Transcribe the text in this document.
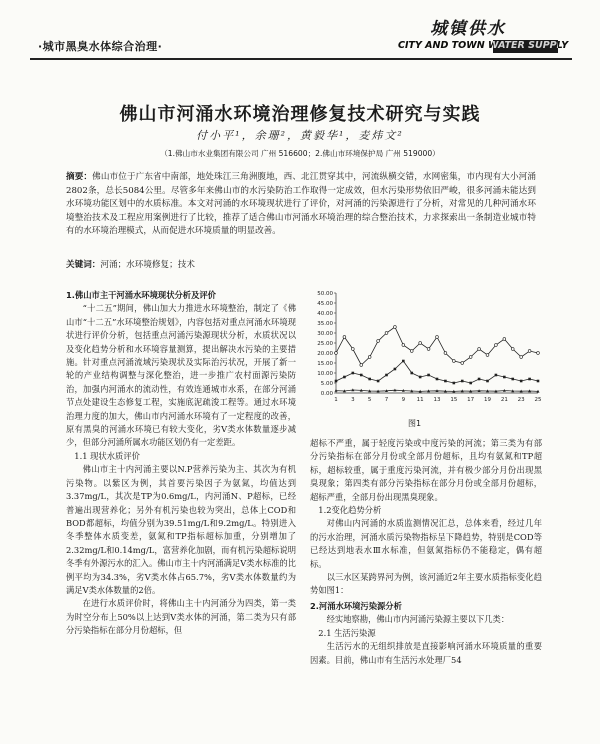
·城市黑臭水体综合治理·
城镇供水
CITY AND TOWN WATER SUPPLY
佛山市河涌水环境治理修复技术研究与实践
付小平¹，余珊²，黄毅华¹，麦炜文²
（1.佛山市水业集团有限公司 广州 516600；2.佛山市环境保护局 广州 519000）
摘要：佛山市位于广东省中南部，地处珠江三角洲腹地，西、北江贯穿其中，河流纵横交错，水网密集，市内现有大小河涌2802条，总长5084公里。尽管多年来佛山市的水污染防治工作取得一定成效，但水污染形势依旧严峻，很多河涌未能达到水环境功能区划中的水质标准。本文对河涌的水环境现状进行了评价，对河涌的污染源进行了分析，对常见的几种河涌水环境整治技术及工程应用案例进行了比较，推荐了适合佛山市河涌水环境治理的综合整治技术，力求探索出一条制造业城市特有的水环境治理模式，从而促进水环境质量的明显改善。
关键词：河涌；水环境修复；技术

1.佛山市主干河涌水环境现状分析及评价

“十二五”期间，佛山加大力推进水环境整治，制定了《佛山市“十二五”水环境整治规划》，内容包括对重点河涌水环境现状进行评价分析，包括重点河涌污染源现状分析，水质状况以及变化趋势分析和水环境容量测算，提出解决水污染的主要措施。针对重点河涌流域污染现状及实际治污状况，开展了新一轮的产业结构调整与深化整治，进一步推广农村面源污染防治，加强内河涌水的流动性，有效连通城市水系，在部分河涌节点处建设生态修复工程，实施底泥疏浚工程等。通过水环境治理力度的加大，佛山市内河涌水环境有了一定程度的改善，原有黑臭的河涌水环境已有较大变化，劣Ⅴ类水体数量逐步减少，但部分河涌所属水功能区划仍有一定差距。

1.1 现状水质评价

佛山市主十内河涌主要以N.P营养污染为主、其次为有机污染物。以紫区为例，其首要污染因子为氨氮，均值达到3.37mg/L，其次是TP为0.6mg/L，内河涌N、P超标，已经普遍出现营养化；另外有机污染也较为突出，总体上COD和BOD都超标，均值分别为39.51mg/L和9.2mg/L。特别进入冬季整体水质变差，氨氮和TP指标超标加重，分别增加了2.32mg/L和0.14mg/L，富营养化加剧，而有机污染超标说明冬季有外源污水的汇入。佛山市主十内河涌满足Ⅴ类水标准的比例平均为34.3%，劣Ⅴ类水体占65.7%，劣Ⅴ类水体数量约为满足Ⅴ类水体数量的2倍。

在进行水质评价时，将佛山主十内河涌分为四类，第一类为时空分布上50%以上达到Ⅴ类水体的河涌，第二类为只有部分污染指标在部分月份超标，但

0.00
5.00
10.00
15.00
20.00
25.00
30.00
35.00
40.00
45.00
50.00
1 3 5 7 9 11 13 15 17 19 21 23 25
图1

超标不严重，属于轻度污染或中度污染的河流；第三类为有部分污染指标在部分月份或全部月份超标，且均有氨氮和TP超标，超标较重，属于重度污染河流，并有极少部分月份出现黑臭现象；第四类有部分污染指标在部分月份或全部月份超标，超标严重，全部月份出现黑臭现象。

1.2变化趋势分析

对佛山内河涌的水质监测情况汇总，总体来看，经过几年的污水治理，河涌水质污染物指标呈下降趋势，特别是COD等已经达到地表水Ⅲ水标准，但氨氮指标仍不能稳定，偶有超标。

以三水区某跨界河为例，该河涌近2年主要水质指标变化趋势如图1：

2.河涌水环境污染源分析

经实地察勘，佛山市内河涌污染源主要以下几类：

2.1 生活污染源

生活污水的无组织排放是直接影响河涌水环境质量的重要因素。目前，佛山市有生活污水处理厂54
